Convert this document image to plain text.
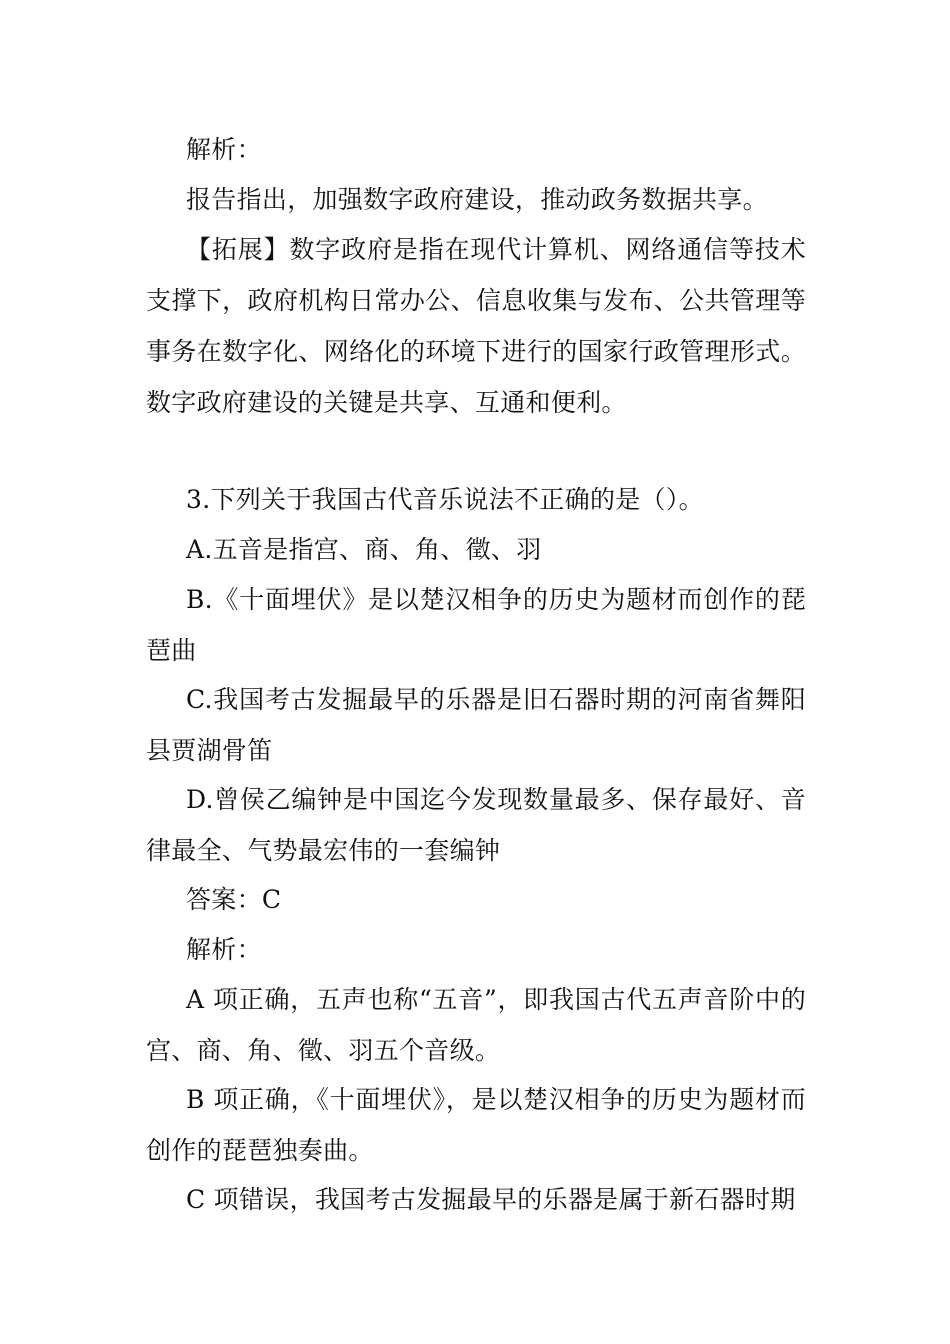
解析：

报告指出，加强数字政府建设，推动政务数据共享。

【拓展】数字政府是指在现代计算机、网络通信等技术支撑下，政府机构日常办公、信息收集与发布、公共管理等事务在数字化、网络化的环境下进行的国家行政管理形式。数字政府建设的关键是共享、互通和便利。

3.下列关于我国古代音乐说法不正确的是（）。

A.五音是指宫、商、角、徵、羽

B.《十面埋伏》是以楚汉相争的历史为题材而创作的琵琶曲

C.我国考古发掘最早的乐器是旧石器时期的河南省舞阳县贾湖骨笛

D.曾侯乙编钟是中国迄今发现数量最多、保存最好、音律最全、气势最宏伟的一套编钟

答案：C

解析：

A 项正确，五声也称“五音”，即我国古代五声音阶中的宫、商、角、徵、羽五个音级。

B 项正确，《十面埋伏》，是以楚汉相争的历史为题材而创作的琵琶独奏曲。

C 项错误，我国考古发掘最早的乐器是属于新石器时期
